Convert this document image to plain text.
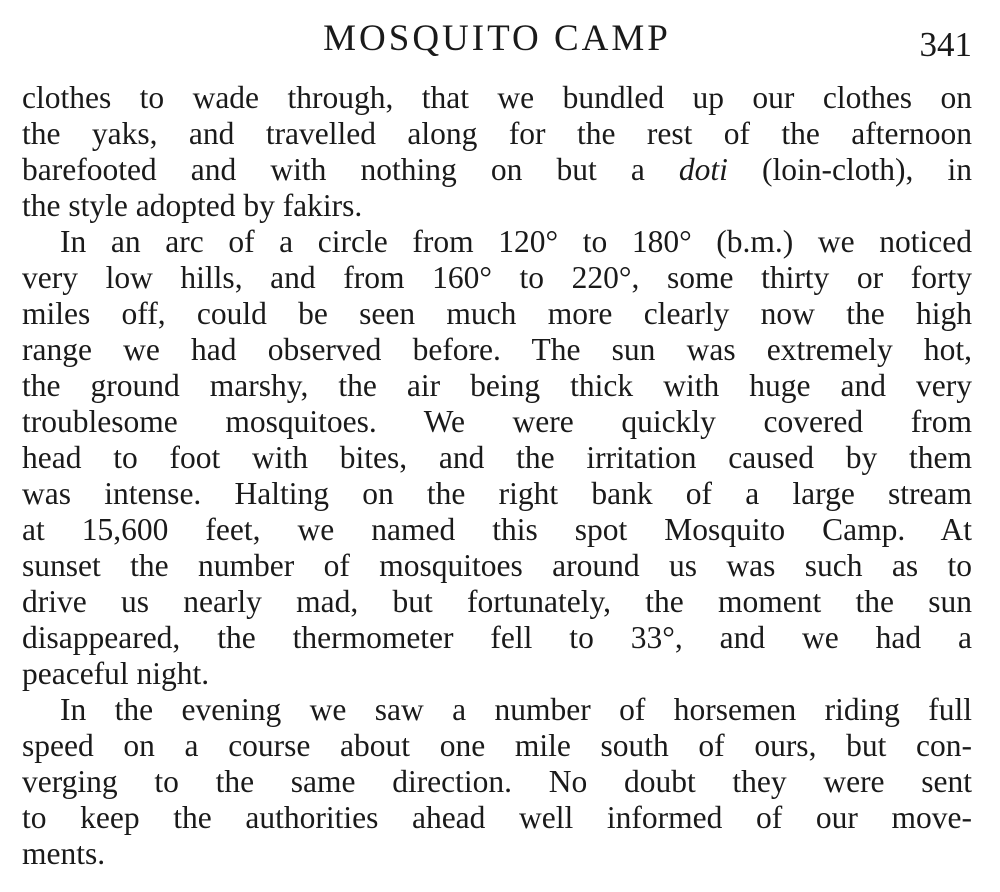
MOSQUITO CAMP	341
clothes to wade through, that we bundled up our clothes on
the yaks, and travelled along for the rest of the afternoon
barefooted and with nothing on but a doti (loin-cloth), in
the style adopted by fakirs.
In an arc of a circle from 120° to 180° (b.m.) we noticed
very low hills, and from 160° to 220°, some thirty or forty
miles off, could be seen much more clearly now the high
range we had observed before. The sun was extremely hot,
the ground marshy, the air being thick with huge and very
troublesome mosquitoes. We were quickly covered from
head to foot with bites, and the irritation caused by them
was intense. Halting on the right bank of a large stream
at 15,600 feet, we named this spot Mosquito Camp. At
sunset the number of mosquitoes around us was such as to
drive us nearly mad, but fortunately, the moment the sun
disappeared, the thermometer fell to 33°, and we had a
peaceful night.
In the evening we saw a number of horsemen riding full
speed on a course about one mile south of ours, but con-
verging to the same direction. No doubt they were sent
to keep the authorities ahead well informed of our move-
ments.
